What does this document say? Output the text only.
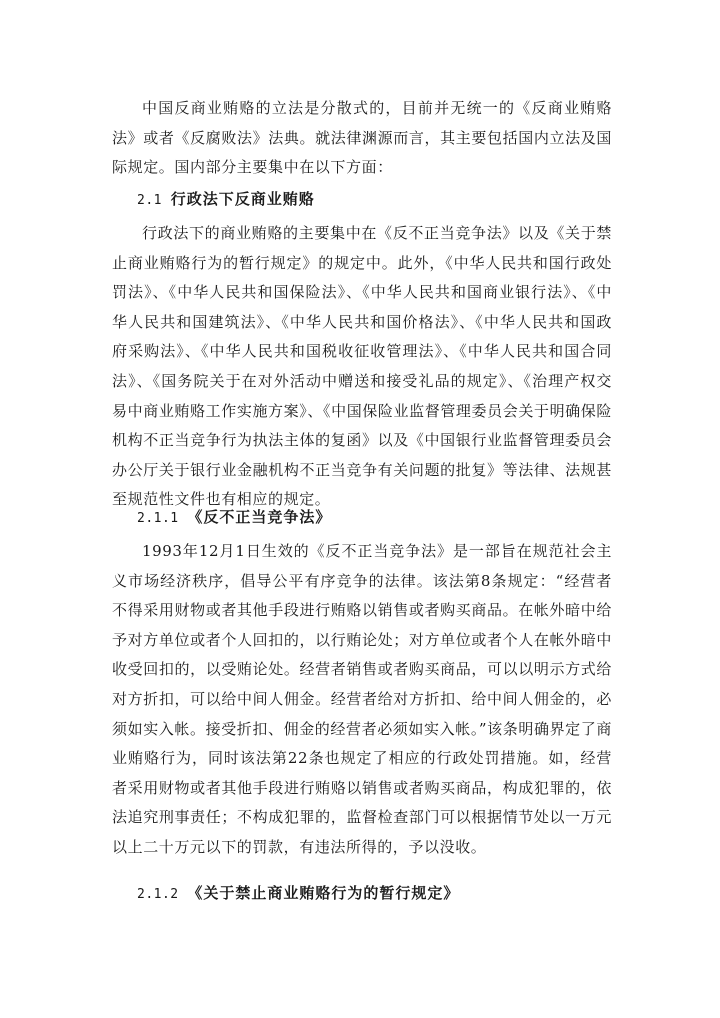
中国反商业贿赂的立法是分散式的，目前并无统一的《反商业贿赂法》或者《反腐败法》法典。就法律渊源而言，其主要包括国内立法及国际规定。国内部分主要集中在以下方面：

2.1 行政法下反商业贿赂

行政法下的商业贿赂的主要集中在《反不正当竞争法》以及《关于禁止商业贿赂行为的暂行规定》的规定中。此外，《中华人民共和国行政处罚法》、《中华人民共和国保险法》、《中华人民共和国商业银行法》、《中华人民共和国建筑法》、《中华人民共和国价格法》、《中华人民共和国政府采购法》、《中华人民共和国税收征收管理法》、《中华人民共和国合同法》、《国务院关于在对外活动中赠送和接受礼品的规定》、《治理产权交易中商业贿赂工作实施方案》、《中国保险业监督管理委员会关于明确保险机构不正当竞争行为执法主体的复函》以及《中国银行业监督管理委员会办公厅关于银行业金融机构不正当竞争有关问题的批复》等法律、法规甚至规范性文件也有相应的规定。

2.1.1 《反不正当竞争法》

1993年12月1日生效的《反不正当竞争法》是一部旨在规范社会主义市场经济秩序，倡导公平有序竞争的法律。该法第8条规定：“经营者不得采用财物或者其他手段进行贿赂以销售或者购买商品。在帐外暗中给予对方单位或者个人回扣的，以行贿论处；对方单位或者个人在帐外暗中收受回扣的，以受贿论处。经营者销售或者购买商品，可以以明示方式给对方折扣，可以给中间人佣金。经营者给对方折扣、给中间人佣金的，必须如实入帐。接受折扣、佣金的经营者必须如实入帐。”该条明确界定了商业贿赂行为，同时该法第22条也规定了相应的行政处罚措施。如，经营者采用财物或者其他手段进行贿赂以销售或者购买商品，构成犯罪的，依法追究刑事责任；不构成犯罪的，监督检查部门可以根据情节处以一万元以上二十万元以下的罚款，有违法所得的，予以没收。

2.1.2 《关于禁止商业贿赂行为的暂行规定》
